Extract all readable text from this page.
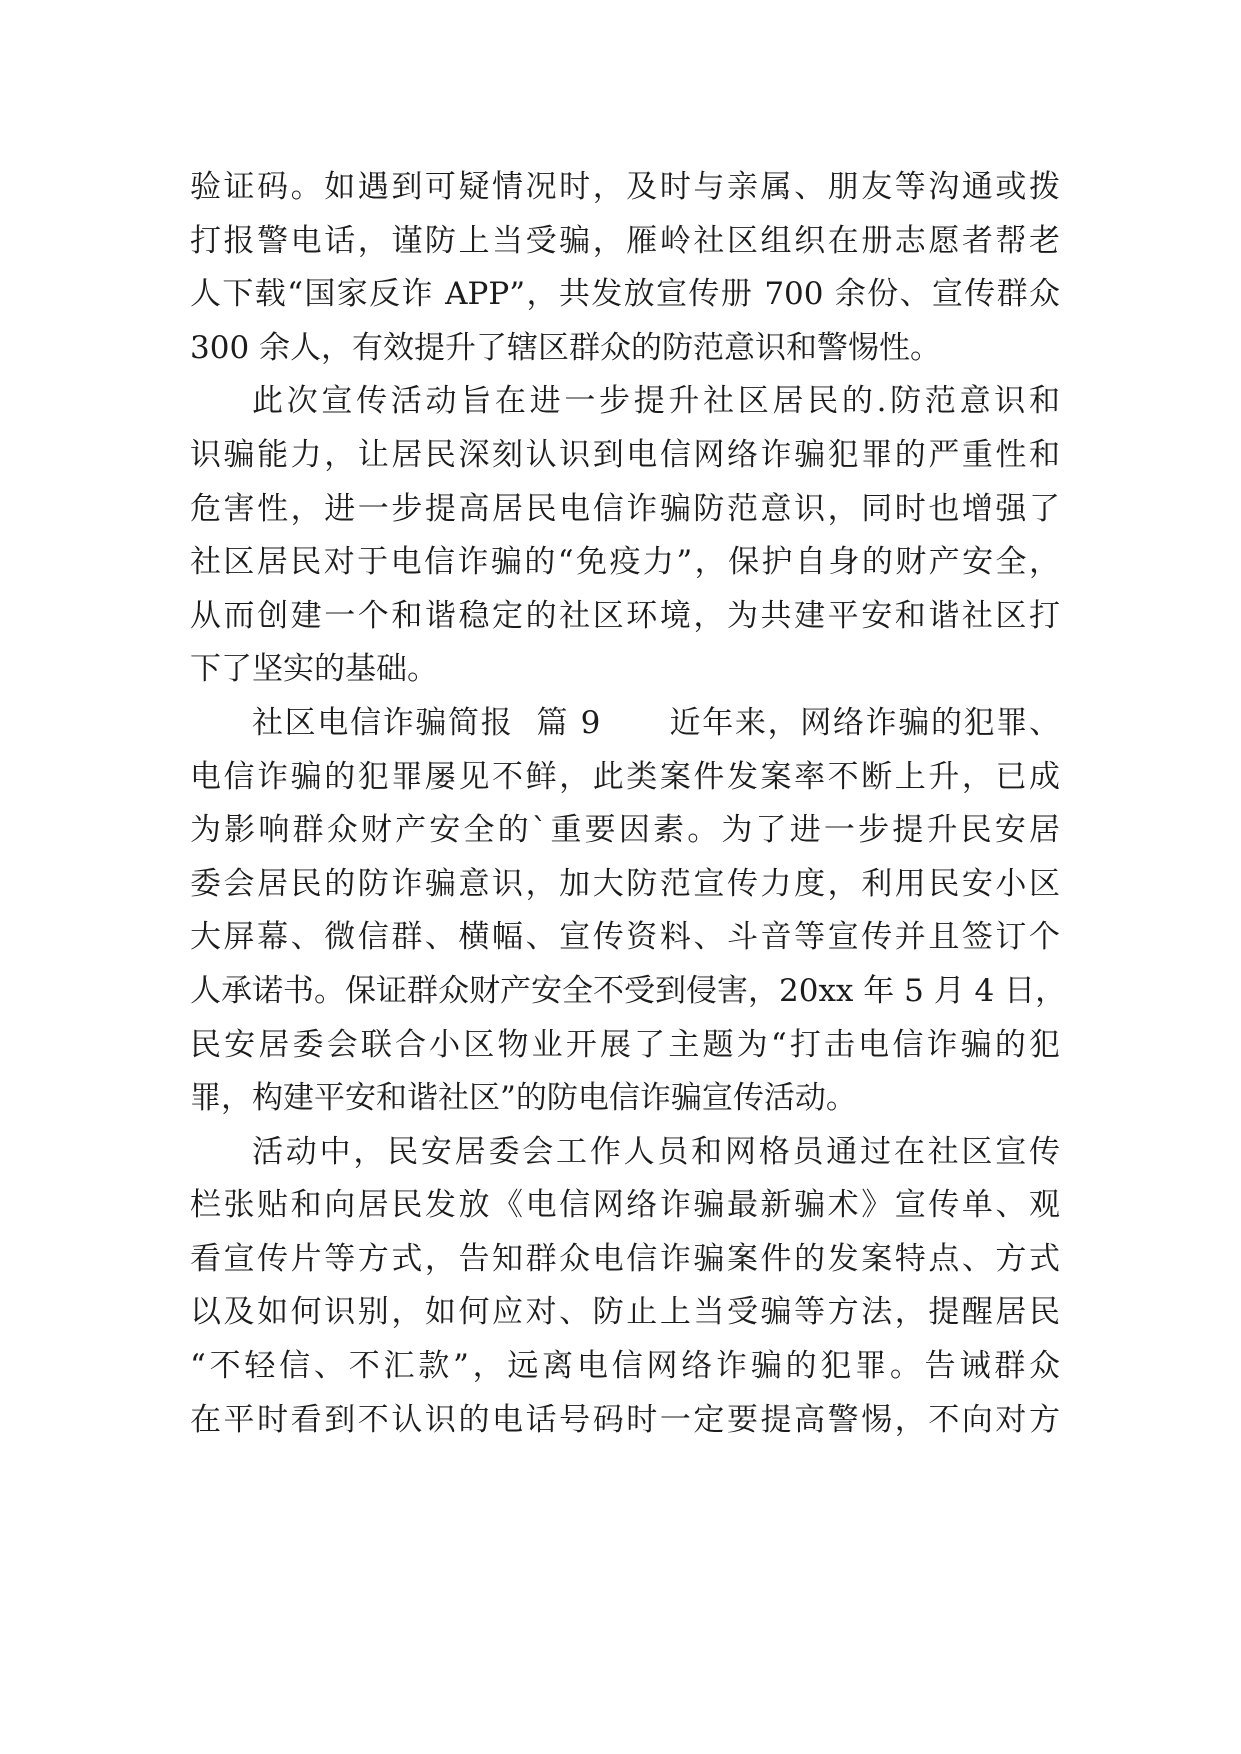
验证码。如遇到可疑情况时，及时与亲属、朋友等沟通或拨
打报警电话，谨防上当受骗，雁岭社区组织在册志愿者帮老
人下载“国家反诈 APP”，共发放宣传册 700 余份、宣传群众
300 余人，有效提升了辖区群众的防范意识和警惕性。
此次宣传活动旨在进一步提升社区居民的.防范意识和
识骗能力，让居民深刻认识到电信网络诈骗犯罪的严重性和
危害性，进一步提高居民电信诈骗防范意识，同时也增强了
社区居民对于电信诈骗的“免疫力”，保护自身的财产安全，
从而创建一个和谐稳定的社区环境，为共建平安和谐社区打
下了坚实的基础。
社区电信诈骗简报  篇 9      近年来，网络诈骗的犯罪、
电信诈骗的犯罪屡见不鲜，此类案件发案率不断上升，已成
为影响群众财产安全的`重要因素。为了进一步提升民安居
委会居民的防诈骗意识，加大防范宣传力度，利用民安小区
大屏幕、微信群、横幅、宣传资料、斗音等宣传并且签订个
人承诺书。保证群众财产安全不受到侵害，20xx 年 5 月 4 日，
民安居委会联合小区物业开展了主题为“打击电信诈骗的犯
罪，构建平安和谐社区”的防电信诈骗宣传活动。
活动中，民安居委会工作人员和网格员通过在社区宣传
栏张贴和向居民发放《电信网络诈骗最新骗术》宣传单、观
看宣传片等方式，告知群众电信诈骗案件的发案特点、方式
以及如何识别，如何应对、防止上当受骗等方法，提醒居民
“不轻信、不汇款”，远离电信网络诈骗的犯罪。告诫群众
在平时看到不认识的电话号码时一定要提高警惕，不向对方
